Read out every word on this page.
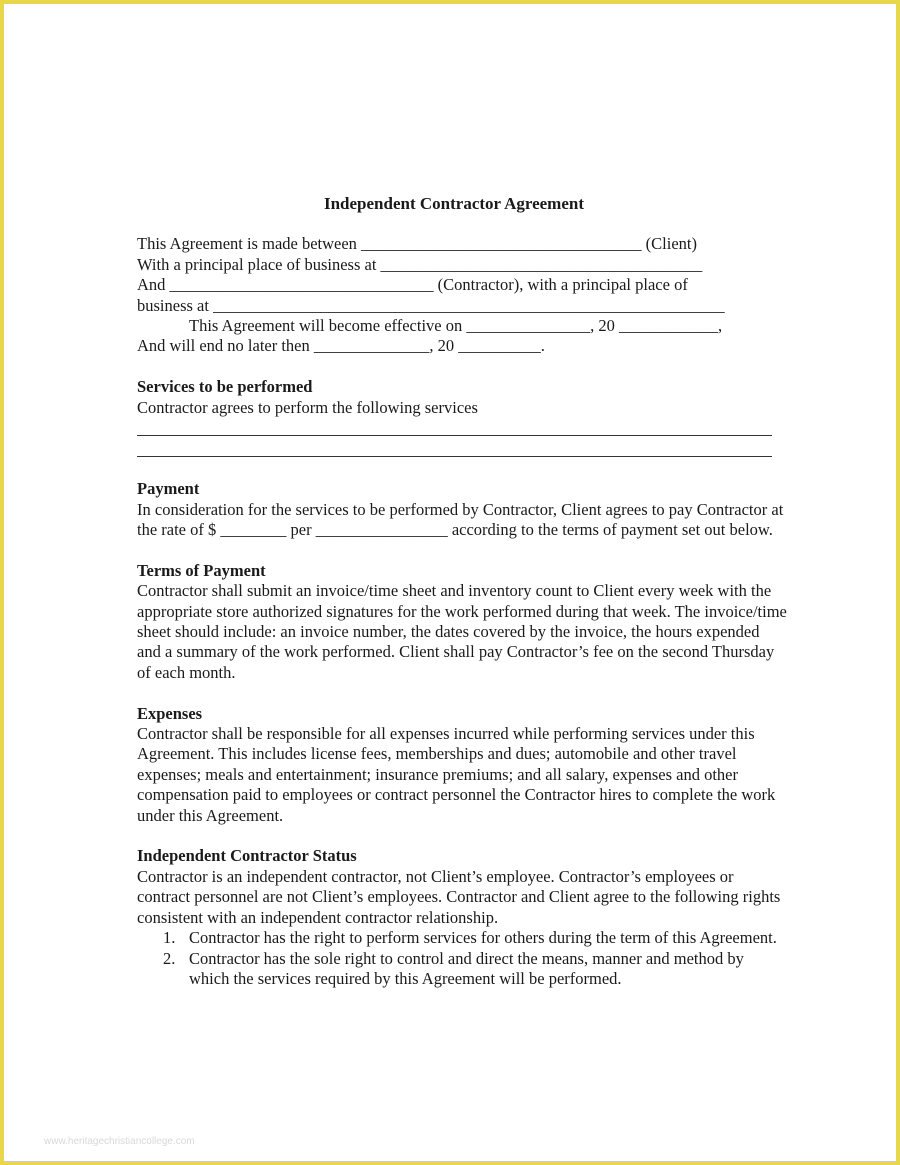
Independent Contractor Agreement

This Agreement is made between __________________________________ (Client)

With a principal place of business at _______________________________________

And ________________________________ (Contractor), with a principal place of

business at ______________________________________________________________

This Agreement will become effective on _______________, 20 ____________,

And will end no later then ______________, 20 __________.

Services to be performed

Contractor agrees to perform the following services

Payment

In consideration for the services to be performed by Contractor, Client agrees to pay Contractor at the rate of $ ________ per ________________ according to the terms of payment set out below.

Terms of Payment

Contractor shall submit an invoice/time sheet and inventory count to Client every week with the appropriate store authorized signatures for the work performed during that week. The invoice/time sheet should include: an invoice number, the dates covered by the invoice, the hours expended and a summary of the work performed. Client shall pay Contractor’s fee on the second Thursday of each month.

Expenses

Contractor shall be responsible for all expenses incurred while performing services under this Agreement. This includes license fees, memberships and dues; automobile and other travel expenses; meals and entertainment; insurance premiums; and all salary, expenses and other compensation paid to employees or contract personnel the Contractor hires to complete the work under this Agreement.

Independent Contractor Status

Contractor is an independent contractor, not Client’s employee. Contractor’s employees or contract personnel are not Client’s employees. Contractor and Client agree to the following rights consistent with an independent contractor relationship.

1. Contractor has the right to perform services for others during the term of this Agreement.
2. Contractor has the sole right to control and direct the means, manner and method by which the services required by this Agreement will be performed.
www.heritagechristiancollege.com
